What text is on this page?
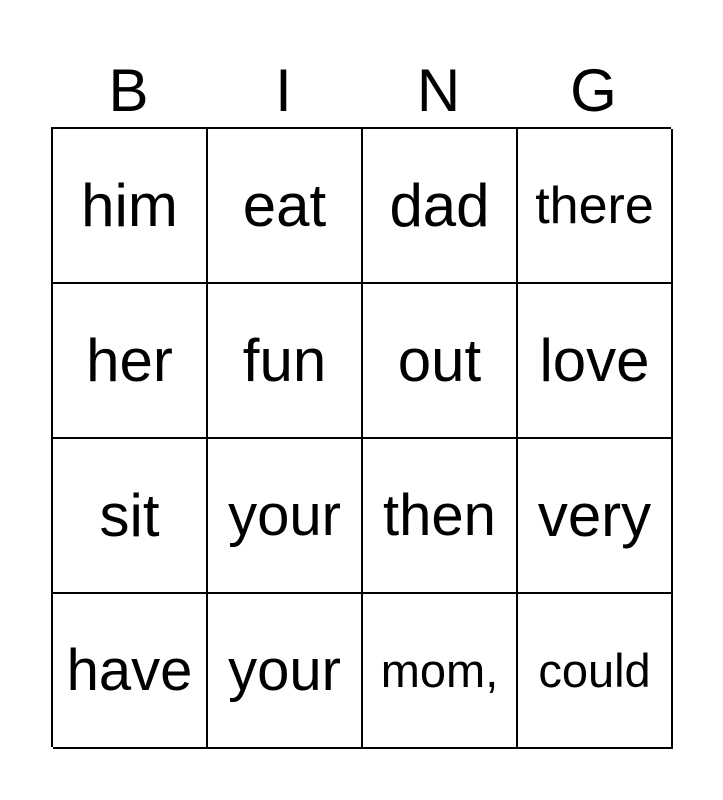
B	I	N	G
him eat dad there
her fun out love
sit your then very
have your mom, could
